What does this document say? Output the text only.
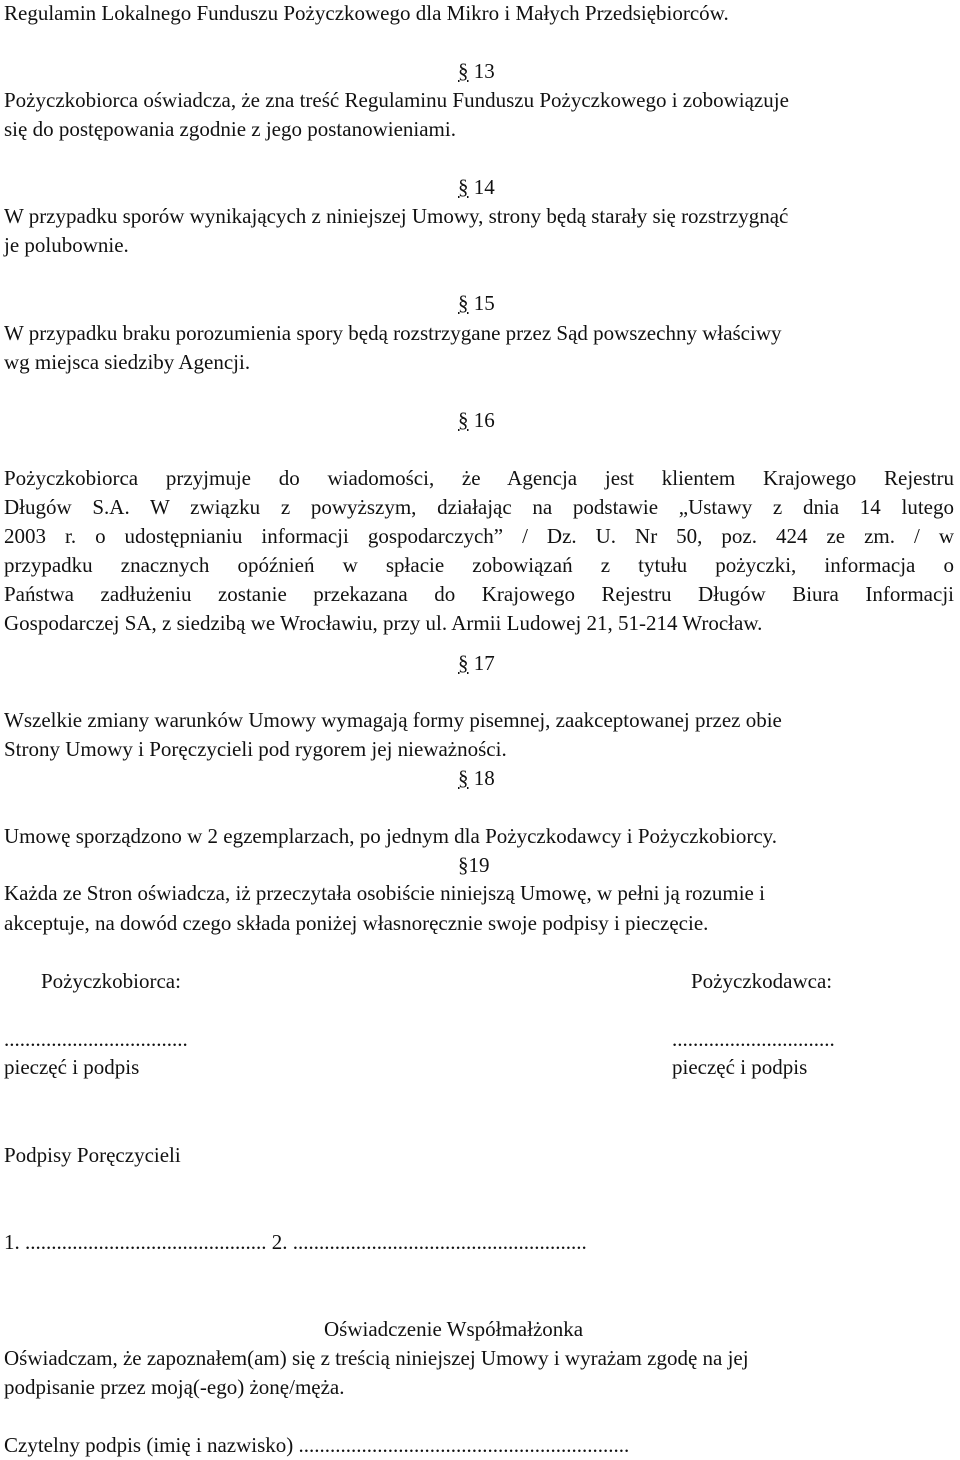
Regulamin Lokalnego Funduszu Pożyczkowego dla Mikro i Małych Przedsiębiorców.
§ 13
Pożyczkobiorca oświadcza, że zna treść Regulaminu Funduszu Pożyczkowego i zobowiązuje
się do postępowania zgodnie z jego postanowieniami.
§ 14
W przypadku sporów wynikających z niniejszej Umowy, strony będą starały się rozstrzygnąć
je polubownie.
§ 15
W przypadku braku porozumienia spory będą rozstrzygane przez Sąd powszechny właściwy
wg miejsca siedziby Agencji.
§ 16
Pożyczkobiorca przyjmuje do wiadomości, że Agencja jest klientem Krajowego Rejestru
Długów S.A. W związku z powyższym, działając na podstawie „Ustawy z dnia 14 lutego
2003 r. o udostępnianiu informacji gospodarczych” / Dz. U. Nr 50, poz. 424 ze zm. / w
przypadku znacznych opóźnień w spłacie zobowiązań z tytułu pożyczki, informacja o
Państwa zadłużeniu zostanie przekazana do Krajowego Rejestru Długów Biura Informacji
Gospodarczej SA, z siedzibą we Wrocławiu, przy ul. Armii Ludowej 21, 51-214 Wrocław.
§ 17
Wszelkie zmiany warunków Umowy wymagają formy pisemnej, zaakceptowanej przez obie
Strony Umowy i Poręczycieli pod rygorem jej nieważności.
§ 18
Umowę sporządzono w 2 egzemplarzach, po jednym dla Pożyczkodawcy i Pożyczkobiorcy.
§19
Każda ze Stron oświadcza, iż przeczytała osobiście niniejszą Umowę, w pełni ją rozumie i
akceptuje, na dowód czego składa poniżej własnoręcznie swoje podpisy i pieczęcie.
Pożyczkobiorca:	Pożyczkodawca:
...................................	...............................
pieczęć i podpis	pieczęć i podpis
Podpisy Poręczycieli
1. .............................................. 2. ........................................................
Oświadczenie Współmałżonka
Oświadczam, że zapoznałem(am) się z treścią niniejszej Umowy i wyrażam zgodę na jej
podpisanie przez moją(-ego) żonę/męża.
Czytelny podpis (imię i nazwisko) ...............................................................
